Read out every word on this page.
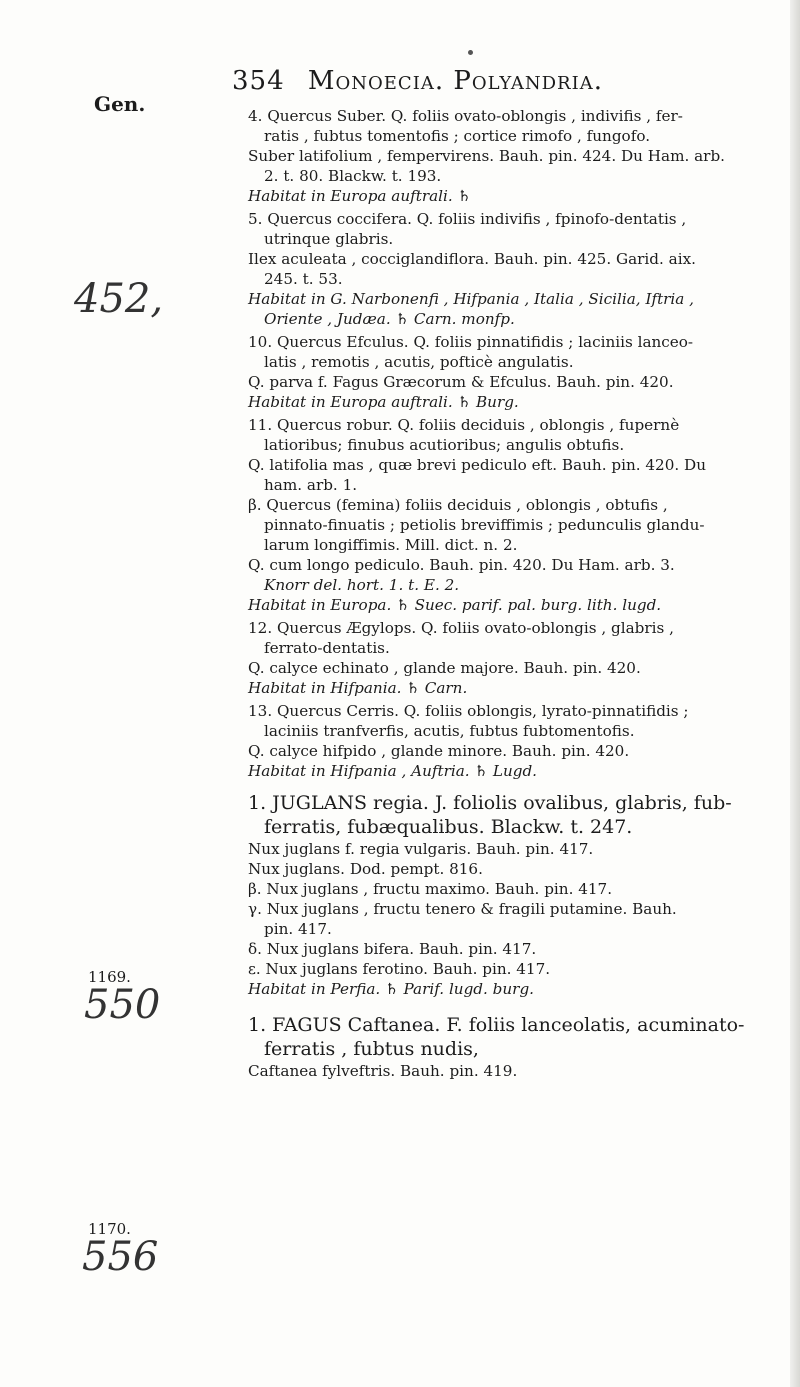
354 Monoecia. Polyandria.
Gen.
452,
1169.
550
1170.
556
4. Quercus Suber. Q. foliis ovato-oblongis , indivifis , fer-
ratis , fubtus tomentofis ; cortice rimofo , fungofo.
Suber latifolium , fempervirens. Bauh. pin. 424. Du Ham. arb.
2. t. 80. Blackw. t. 193.
Habitat in Europa auftrali. ♄
5. Quercus coccifera. Q. foliis indivifis , fpinofo-dentatis ,
utrinque glabris.
Ilex aculeata , cocciglandiflora. Bauh. pin. 425. Garid. aix.
245. t. 53.
Habitat in G. Narbonenfi , Hifpania , Italia , Sicilia, Iftria ,
Oriente , Judæa. ♄ Carn. monfp.
10. Quercus Efculus. Q. foliis pinnatifidis ; laciniis lanceo-
latis , remotis , acutis, pofticè angulatis.
Q. parva f. Fagus Græcorum & Efculus. Bauh. pin. 420.
Habitat in Europa auftrali. ♄ Burg.
11. Quercus robur. Q. foliis deciduis , oblongis , fupernè
latioribus; finubus acutioribus; angulis obtufis.
Q. latifolia mas , quæ brevi pediculo eft. Bauh. pin. 420. Du
ham. arb. 1.
β. Quercus (femina) foliis deciduis , oblongis , obtufis ,
pinnato-finuatis ; petiolis breviffimis ; pedunculis glandu-
larum longiffimis. Mill. dict. n. 2.
Q. cum longo pediculo. Bauh. pin. 420. Du Ham. arb. 3.
Knorr del. hort. 1. t. E. 2.
Habitat in Europa. ♄ Suec. parif. pal. burg. lith. lugd.
12. Quercus Ægylops. Q. foliis ovato-oblongis , glabris ,
ferrato-dentatis.
Q. calyce echinato , glande majore. Bauh. pin. 420.
Habitat in Hifpania. ♄ Carn.
13. Quercus Cerris. Q. foliis oblongis, lyrato-pinnatifidis ;
laciniis tranfverfis, acutis, fubtus fubtomentofis.
Q. calyce hifpido , glande minore. Bauh. pin. 420.
Habitat in Hifpania , Auftria. ♄ Lugd.
1. JUGLANS regia. J. foliolis ovalibus, glabris, fub-
ferratis, fubæqualibus. Blackw. t. 247.
Nux juglans f. regia vulgaris. Bauh. pin. 417.
Nux juglans. Dod. pempt. 816.
β. Nux juglans , fructu maximo. Bauh. pin. 417.
γ. Nux juglans , fructu tenero & fragili putamine. Bauh.
pin. 417.
δ. Nux juglans bifera. Bauh. pin. 417.
ε. Nux juglans ferotino. Bauh. pin. 417.
Habitat in Perfia. ♄ Parif. lugd. burg.
1. FAGUS Caftanea. F. foliis lanceolatis, acuminato-
ferratis , fubtus nudis,
Caftanea fylveftris. Bauh. pin. 419.
